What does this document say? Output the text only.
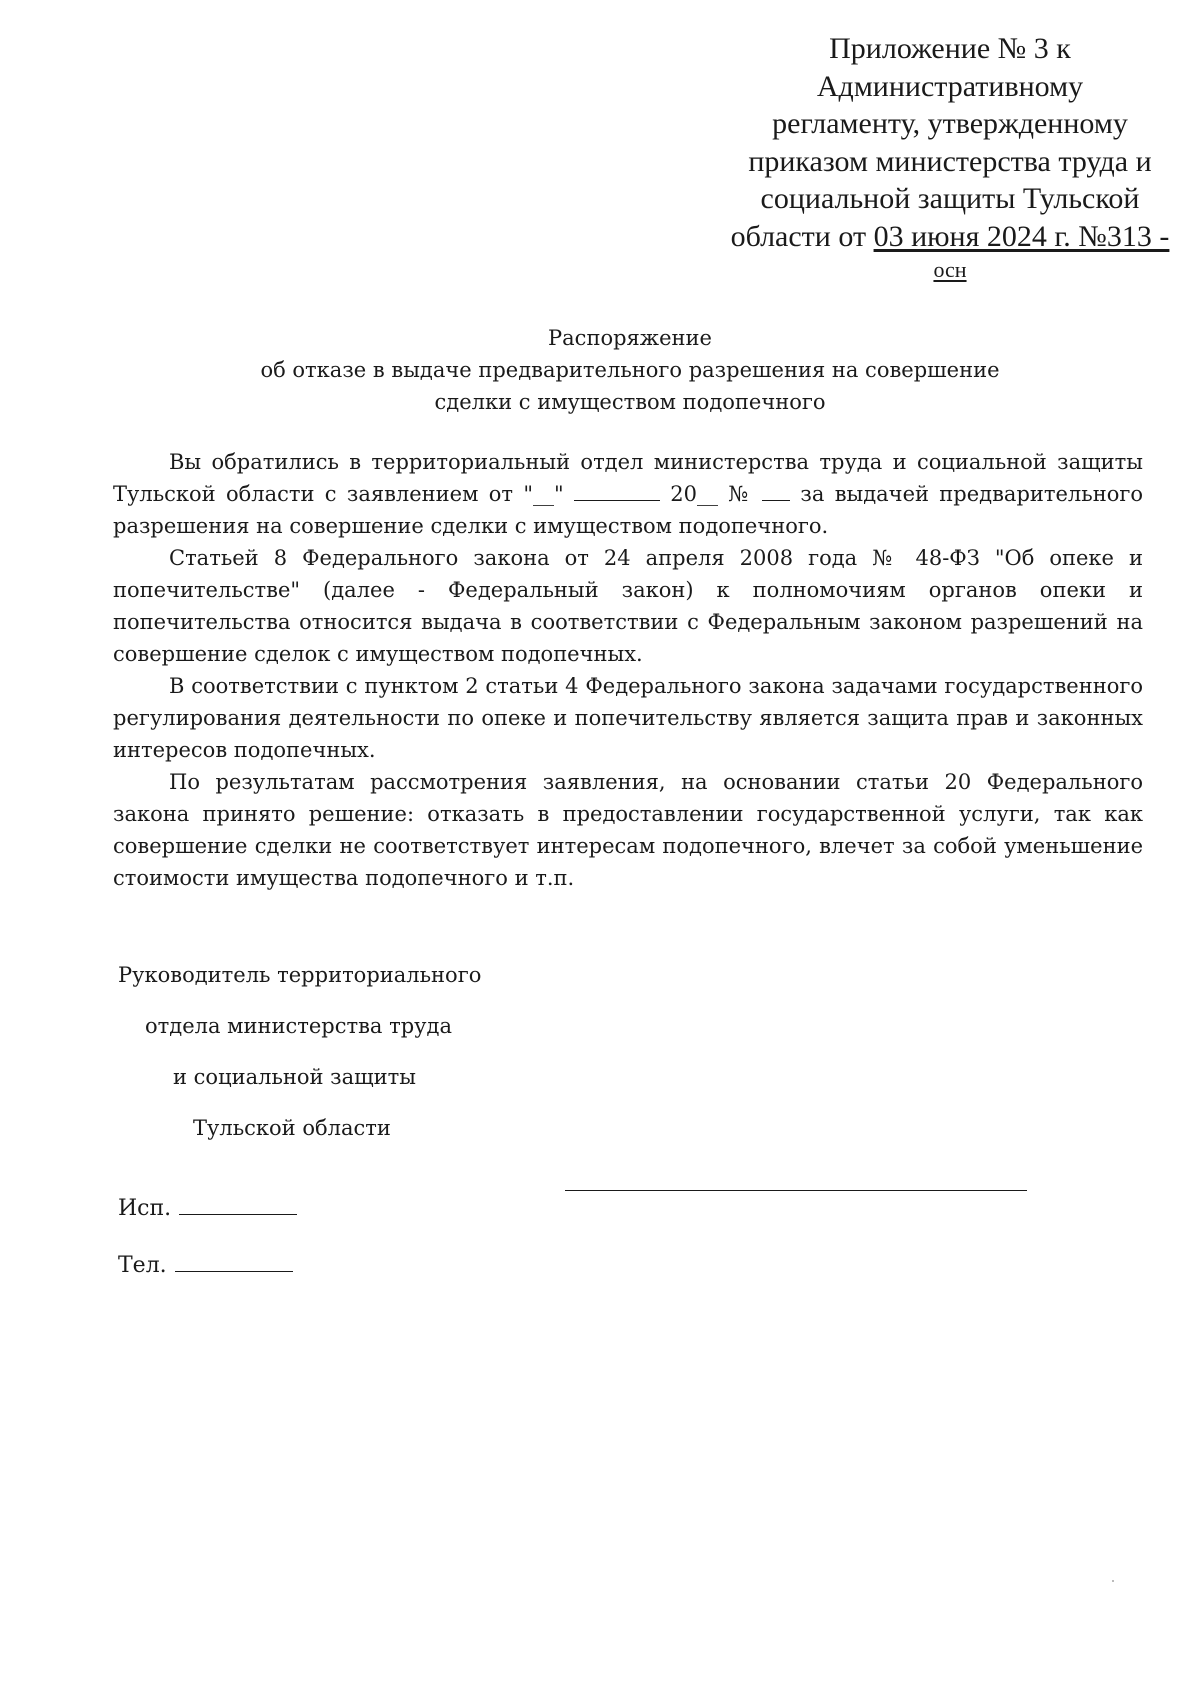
Приложение № 3 к
Административному
регламенту, утвержденному
приказом министерства труда и
социальной защиты Тульской
области от 03 июня 2024 г. №313 -
осн
Распоряжение
об отказе в выдаче предварительного разрешения на совершение
сделки с имуществом подопечного

Вы обратились в территориальный отдел министерства труда и социальной защиты Тульской области с заявлением от "__"	20__ №  за выдачей предварительного разрешения на совершение сделки с имуществом подопечного.

Статьей 8 Федерального закона от 24 апреля 2008 года № 48-ФЗ "Об опеке и попечительстве" (далее - Федеральный закон) к полномочиям органов опеки и попечительства относится выдача в соответствии с Федеральным законом разрешений на совершение сделок с имуществом подопечных.

В соответствии с пунктом 2 статьи 4 Федерального закона задачами государственного регулирования деятельности по опеке и попечительству является защита прав и законных интересов подопечных.

По результатам рассмотрения заявления, на основании статьи 20 Федерального закона принято решение: отказать в предоставлении государственной услуги, так как совершение сделки не соответствует интересам подопечного, влечет за собой уменьшение стоимости имущества подопечного и т.п.

Руководитель территориального
отдела министерства труда
и социальной защиты
Тульской области
Исп.
Тел.
